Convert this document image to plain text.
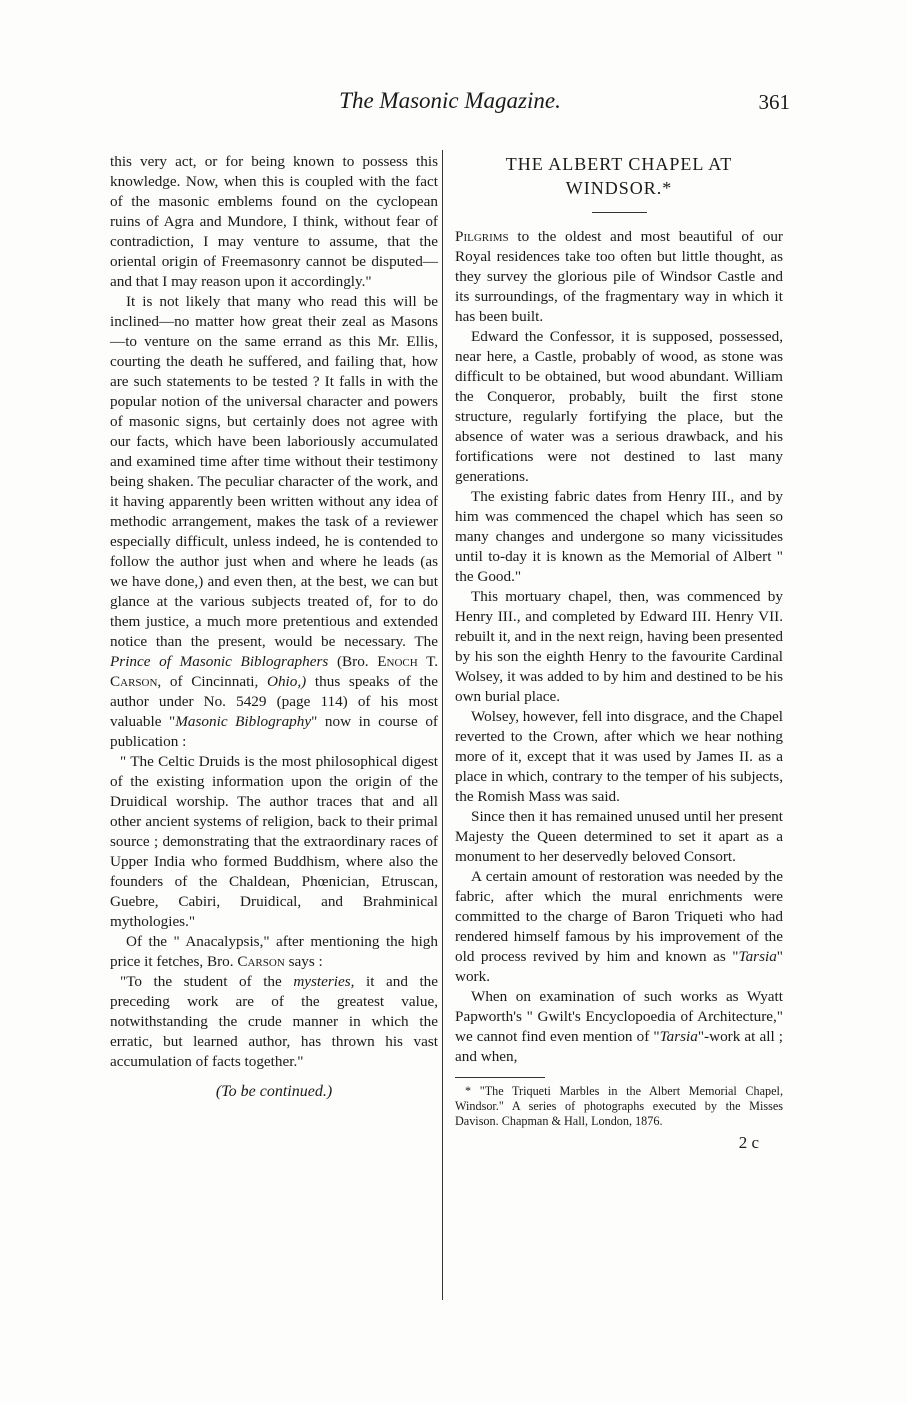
The Masonic Magazine.	361

this very act, or for being known to possess this knowledge. Now, when this is coupled with the fact of the masonic emblems found on the cyclopean ruins of Agra and Mundore, I think, without fear of contradiction, I may venture to assume, that the oriental origin of Freemasonry cannot be disputed—and that I may reason upon it accordingly."

It is not likely that many who read this will be inclined—no matter how great their zeal as Masons—to venture on the same errand as this Mr. Ellis, courting the death he suffered, and failing that, how are such statements to be tested ? It falls in with the popular notion of the universal character and powers of masonic signs, but certainly does not agree with our facts, which have been laboriously accumulated and examined time after time without their testimony being shaken. The peculiar character of the work, and it having apparently been written without any idea of methodic arrangement, makes the task of a reviewer especially difficult, unless indeed, he is contended to follow the author just when and where he leads (as we have done,) and even then, at the best, we can but glance at the various subjects treated of, for to do them justice, a much more pretentious and extended notice than the present, would be necessary. The Prince of Masonic Biblographers (Bro. Enoch T. Carson, of Cincinnati, Ohio,) thus speaks of the author under No. 5429 (page 114) of his most valuable "Masonic Biblography" now in course of publication :

" The Celtic Druids is the most philosophical digest of the existing information upon the origin of the Druidical worship. The author traces that and all other ancient systems of religion, back to their primal source ; demonstrating that the extraordinary races of Upper India who formed Buddhism, where also the founders of the Chaldean, Phœnician, Etruscan, Guebre, Cabiri, Druidical, and Brahminical mythologies."

Of the " Anacalypsis," after mentioning the high price it fetches, Bro. Carson says :

"To the student of the mysteries, it and the preceding work are of the greatest value, notwithstanding the crude manner in which the erratic, but learned author, has thrown his vast accumulation of facts together."

(To be continued.)
THE ALBERT CHAPEL AT WINDSOR.*

Pilgrims to the oldest and most beautiful of our Royal residences take too often but little thought, as they survey the glorious pile of Windsor Castle and its surroundings, of the fragmentary way in which it has been built.

Edward the Confessor, it is supposed, possessed, near here, a Castle, probably of wood, as stone was difficult to be obtained, but wood abundant. William the Conqueror, probably, built the first stone structure, regularly fortifying the place, but the absence of water was a serious drawback, and his fortifications were not destined to last many generations.

The existing fabric dates from Henry III., and by him was commenced the chapel which has seen so many changes and undergone so many vicissitudes until to-day it is known as the Memorial of Albert " the Good."

This mortuary chapel, then, was commenced by Henry III., and completed by Edward III. Henry VII. rebuilt it, and in the next reign, having been presented by his son the eighth Henry to the favourite Cardinal Wolsey, it was added to by him and destined to be his own burial place.

Wolsey, however, fell into disgrace, and the Chapel reverted to the Crown, after which we hear nothing more of it, except that it was used by James II. as a place in which, contrary to the temper of his subjects, the Romish Mass was said.

Since then it has remained unused until her present Majesty the Queen determined to set it apart as a monument to her deservedly beloved Consort.

A certain amount of restoration was needed by the fabric, after which the mural enrichments were committed to the charge of Baron Triqueti who had rendered himself famous by his improvement of the old process revived by him and known as "Tarsia" work.

When on examination of such works as Wyatt Papworth's " Gwilt's Encyclopoedia of Architecture," we cannot find even mention of "Tarsia"-work at all ; and when,

* "The Triqueti Marbles in the Albert Memorial Chapel, Windsor." A series of photographs executed by the Misses Davison. Chapman & Hall, London, 1876.

2 c
